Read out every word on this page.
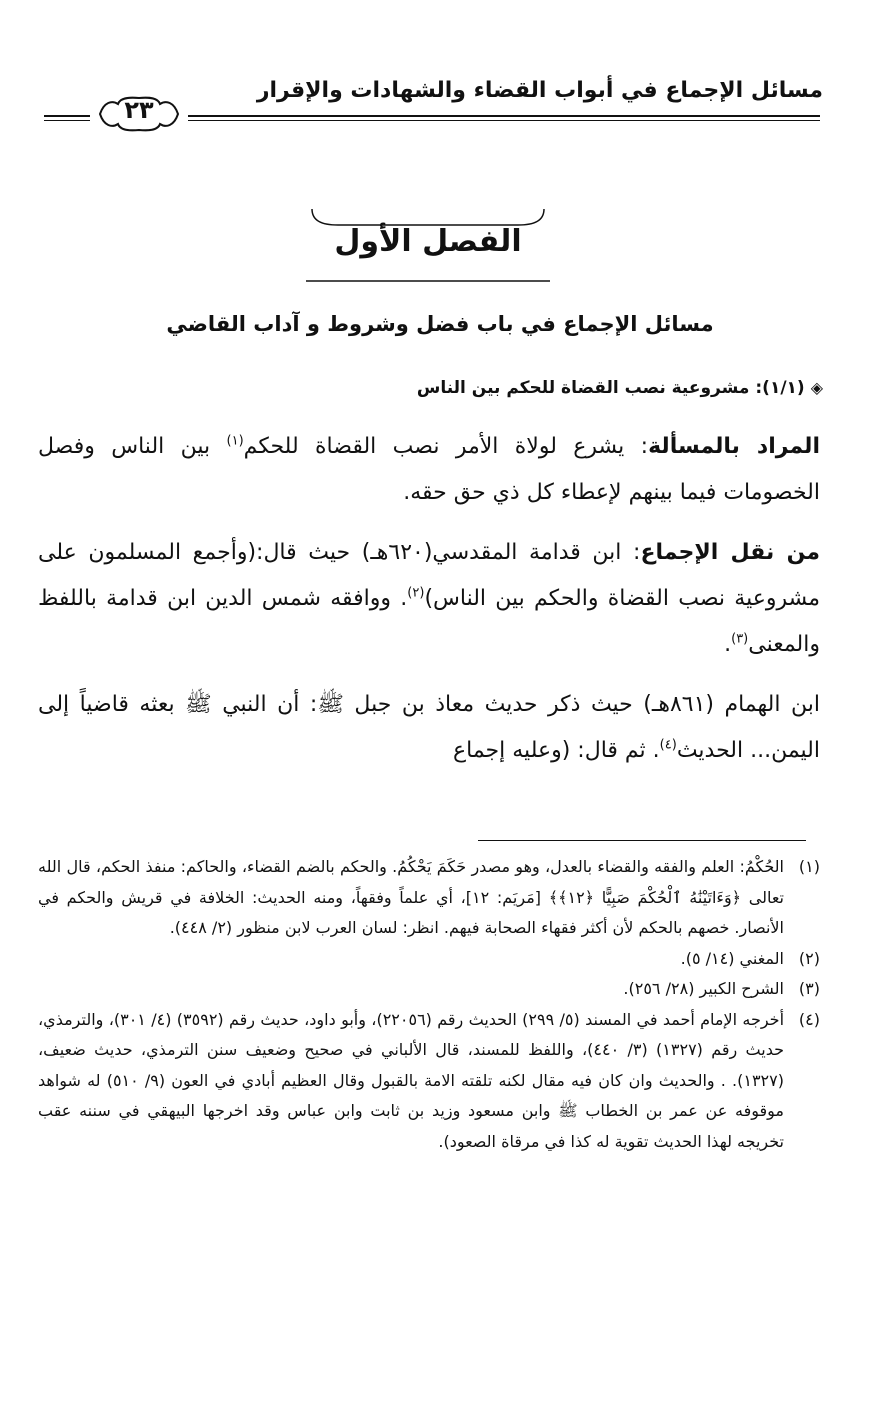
مسائل الإجماع في أبواب القضاء والشهادات والإقرار
٢٣
الفصل الأول
مسائل الإجماع في باب فضل وشروط و آداب القاضي
◈(١/١): مشروعية نصب القضاة للحكم بين الناس

المراد بالمسألة: يشرع لولاة الأمر نصب القضاة للحكم$^{(١)}$ بين الناس وفصل الخصومات فيما بينهم لإعطاء كل ذي حق حقه.

من نقل الإجماع: ابن قدامة المقدسي(٦٢٠هـ) حيث قال:(وأجمع المسلمون على مشروعية نصب القضاة والحكم بين الناس)$^{(٢)}$. ووافقه شمس الدين ابن قدامة باللفظ والمعنى$^{(٣)}$.

ابن الهمام (٨٦١هـ) حيث ذكر حديث معاذ بن جبل ﷺ: أن النبي ﷺ بعثه قاضياً إلى اليمن... الحديث$^{(٤)}$. ثم قال: (وعليه إجماع

(١)
الحُكْمُ: العلم والفقه والقضاء بالعدل، وهو مصدر حَكَمَ يَحْكُمُ. والحكم بالضم القضاء، والحاكم: منفذ الحكم، قال الله تعالى ﴿وَءَاتَيْنَٰهُ ٱلْحُكْمَ صَبِيًّا ﴿١٢﴾﴾ [مَريَم: ١٢]، أي علماً وفقهاً، ومنه الحديث: الخلافة في قريش والحكم في الأنصار. خصهم بالحكم لأن أكثر فقهاء الصحابة فيهم. انظر: لسان العرب لابن منظور (٢/ ٤٤٨).
(٢)
المغني (١٤/ ٥).
(٣)
الشرح الكبير (٢٨/ ٢٥٦).
(٤)
أخرجه الإمام أحمد في المسند (٥/ ٢٩٩) الحديث رقم (٢٢٠٥٦)، وأبو داود، حديث رقم (٣٥٩٢) (٤/ ٣٠١)، والترمذي، حديث رقم (١٣٢٧) (٣/ ٤٤٠)، واللفظ للمسند، قال الألباني في صحيح وضعيف سنن الترمذي، حديث ضعيف، (١٣٢٧). . والحديث وان كان فيه مقال لكنه تلقته الامة بالقبول وقال العظيم أبادي في العون (٩/ ٥١٠) له شواهد موقوفه عن عمر بن الخطاب ﷺ وابن مسعود وزيد بن ثابت وابن عباس وقد اخرجها البيهقي في سننه عقب تخريجه لهذا الحديث تقوية له كذا في مرقاة الصعود).
